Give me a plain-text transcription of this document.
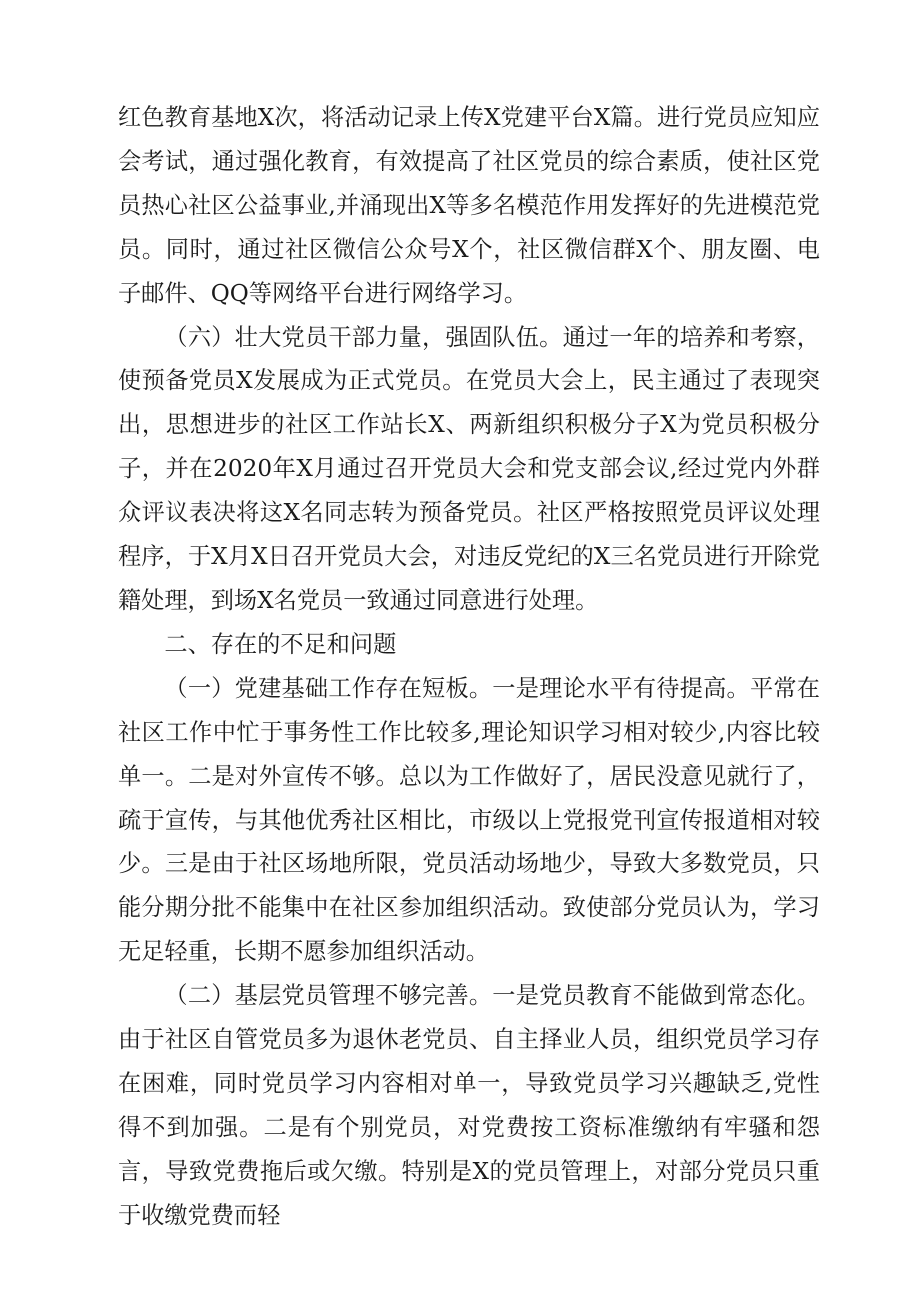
红色教育基地X次，将活动记录上传X党建平台X篇。进行党员应知应会考试，通过强化教育，有效提高了社区党员的综合素质，使社区党员热心社区公益事业,并涌现出X等多名模范作用发挥好的先进模范党员。同时，通过社区微信公众号X个，社区微信群X个、朋友圈、电子邮件、QQ等网络平台进行网络学习。

（六）壮大党员干部力量，强固队伍。通过一年的培养和考察，使预备党员X发展成为正式党员。在党员大会上，民主通过了表现突出，思想进步的社区工作站长X、两新组织积极分子X为党员积极分子，并在2020年X月通过召开党员大会和党支部会议,经过党内外群众评议表决将这X名同志转为预备党员。社区严格按照党员评议处理程序，于X月X日召开党员大会，对违反党纪的X三名党员进行开除党籍处理，到场X名党员一致通过同意进行处理。

二、存在的不足和问题

（一）党建基础工作存在短板。一是理论水平有待提高。平常在社区工作中忙于事务性工作比较多,理论知识学习相对较少,内容比较单一。二是对外宣传不够。总以为工作做好了，居民没意见就行了，疏于宣传，与其他优秀社区相比，市级以上党报党刊宣传报道相对较少。三是由于社区场地所限，党员活动场地少，导致大多数党员，只能分期分批不能集中在社区参加组织活动。致使部分党员认为，学习无足轻重，长期不愿参加组织活动。

（二）基层党员管理不够完善。一是党员教育不能做到常态化。由于社区自管党员多为退休老党员、自主择业人员，组织党员学习存在困难，同时党员学习内容相对单一，导致党员学习兴趣缺乏,党性得不到加强。二是有个别党员，对党费按工资标准缴纳有牢骚和怨言，导致党费拖后或欠缴。特别是X的党员管理上，对部分党员只重于收缴党费而轻
